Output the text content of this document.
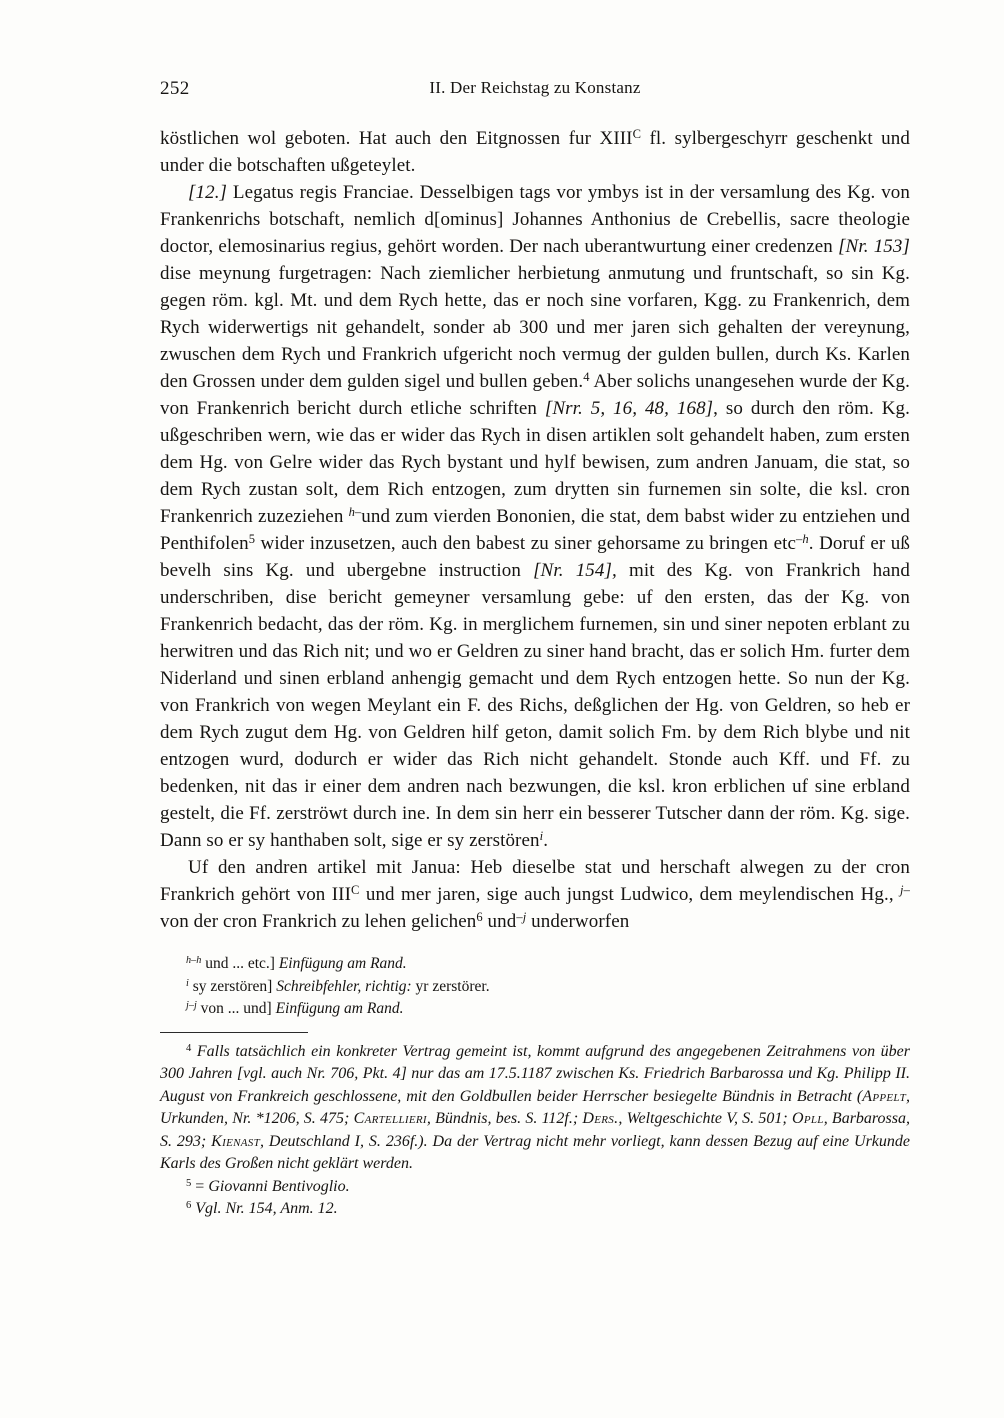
252	II. Der Reichstag zu Konstanz

köstlichen wol geboten. Hat auch den Eitgnossen fur $XIII^C$ fl. sylbergeschyrr geschenkt und under die botschaften ußgeteylet.

[12.] Legatus regis Franciae. Desselbigen tags vor ymbys ist in der versamlung des Kg. von Frankenrichs botschaft, nemlich d[ominus] Johannes Anthonius de Crebellis, sacre theologie doctor, elemosinarius regius, gehört worden. Der nach uberantwurtung einer credenzen [Nr. 153] dise meynung furgetragen: Nach ziemlicher herbietung anmutung und fruntschaft, so sin Kg. gegen röm. kgl. Mt. und dem Rych hette, das er noch sine vorfaren, Kgg. zu Frankenrich, dem Rych widerwertigs nit gehandelt, sonder ab 300 und mer jaren sich gehalten der vereynung, zwuschen dem Rych und Frankrich ufgericht noch vermug der gulden bullen, durch Ks. Karlen den Grossen under dem gulden sigel und bullen geben.$^4$ Aber solichs unangesehen wurde der Kg. von Frankenrich bericht durch etliche schriften [Nrr. 5, 16, 48, 168], so durch den röm. Kg. ußgeschriben wern, wie das er wider das Rych in disen artiklen solt gehandelt haben, zum ersten dem Hg. von Gelre wider das Rych bystant und hylf bewisen, zum andren Januam, die stat, so dem Rych zustan solt, dem Rich entzogen, zum drytten sin furnemen sin solte, die ksl. cron Frankenrich zuzeziehen $^{h-}$und zum vierden Bononien, die stat, dem babst wider zu entziehen und Penthifolen$^5$ wider inzusetzen, auch den babest zu siner gehorsame zu bringen etc$^{-h}$. Doruf er uß bevelh sins Kg. und ubergebne instruction [Nr. 154], mit des Kg. von Frankrich hand underschriben, dise bericht gemeyner versamlung gebe: uf den ersten, das der Kg. von Frankenrich bedacht, das der röm. Kg. in merglichem furnemen, sin und siner nepoten erblant zu herwitren und das Rich nit; und wo er Geldren zu siner hand bracht, das er solich Hm. furter dem Niderland und sinen erbland anhengig gemacht und dem Rych entzogen hette. So nun der Kg. von Frankrich von wegen Meylant ein F. des Richs, deßglichen der Hg. von Geldren, so heb er dem Rych zugut dem Hg. von Geldren hilf geton, damit solich Fm. by dem Rich blybe und nit entzogen wurd, dodurch er wider das Rich nicht gehandelt. Stonde auch Kff. und Ff. zu bedenken, nit das ir einer dem andren nach bezwungen, die ksl. kron erblichen uf sine erbland gestelt, die Ff. zerströwt durch ine. In dem sin herr ein besserer Tutscher dann der röm. Kg. sige. Dann so er sy hanthaben solt, sige er sy zerstören$^i$.

Uf den andren artikel mit Janua: Heb dieselbe stat und herschaft alwegen zu der cron Frankrich gehört von $III^C$ und mer jaren, sige auch jungst Ludwico, dem meylendischen Hg., $^{j-}$von der cron Frankrich zu lehen gelichen$^6$ und$^{-j}$ underworfen

$^{h-h}$ und ... etc.] Einfügung am Rand.

$^i$ sy zerstören] Schreibfehler, richtig: yr zerstörer.

$^{j-j}$ von ... und] Einfügung am Rand.

$^4$ Falls tatsächlich ein konkreter Vertrag gemeint ist, kommt aufgrund des angegebenen Zeitrahmens von über 300 Jahren [vgl. auch Nr. 706, Pkt. 4] nur das am 17.5.1187 zwischen Ks. Friedrich Barbarossa und Kg. Philipp II. August von Frankreich geschlossene, mit den Goldbullen beider Herrscher besiegelte Bündnis in Betracht (Appelt, Urkunden, Nr. *1206, S. 475; Cartellieri, Bündnis, bes. S. 112f.; Ders., Weltgeschichte V, S. 501; Opll, Barbarossa, S. 293; Kienast, Deutschland I, S. 236f.). Da der Vertrag nicht mehr vorliegt, kann dessen Bezug auf eine Urkunde Karls des Großen nicht geklärt werden.

$^5$ = Giovanni Bentivoglio.

$^6$ Vgl. Nr. 154, Anm. 12.
